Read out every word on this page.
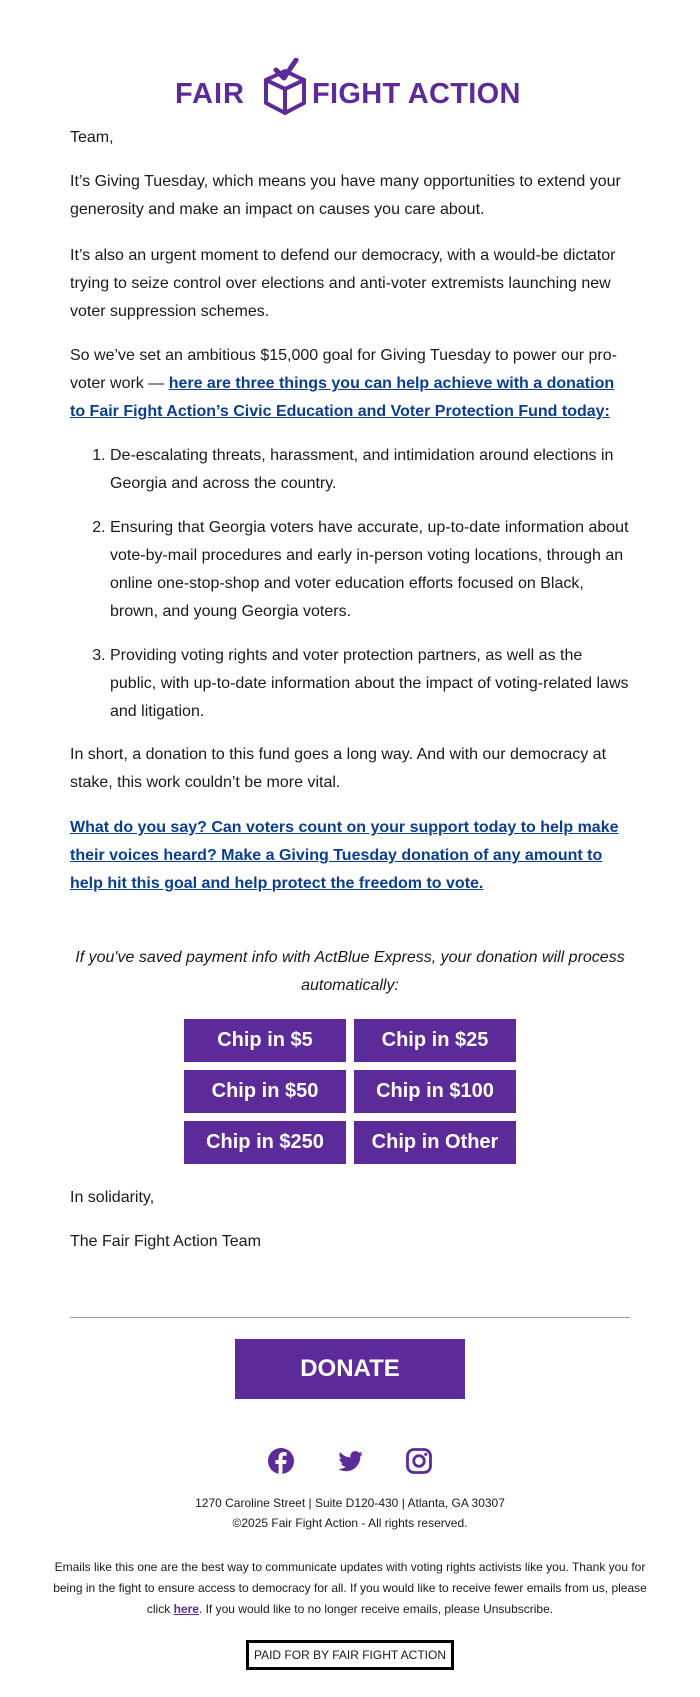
FAIR FIGHT ACTION

Team,

It’s Giving Tuesday, which means you have many opportunities to extend your generosity and make an impact on causes you care about.

It’s also an urgent moment to defend our democracy, with a would-be dictator trying to seize control over elections and anti-voter extremists launching new voter suppression schemes.

So we’ve set an ambitious $15,000 goal for Giving Tuesday to power our pro-voter work — here are three things you can help achieve with a donation to Fair Fight Action’s Civic Education and Voter Protection Fund today:

1. De-escalating threats, harassment, and intimidation around elections in Georgia and across the country.
2. Ensuring that Georgia voters have accurate, up-to-date information about vote-by-mail procedures and early in-person voting locations, through an online one-stop-shop and voter education efforts focused on Black, brown, and young Georgia voters.
3. Providing voting rights and voter protection partners, as well as the public, with up-to-date information about the impact of voting-related laws and litigation.

In short, a donation to this fund goes a long way. And with our democracy at stake, this work couldn’t be more vital.

What do you say? Can voters count on your support today to help make their voices heard? Make a Giving Tuesday donation of any amount to help hit this goal and help protect the freedom to vote.

If you've saved payment info with ActBlue Express, your donation will process automatically:

Chip in $5	Chip in $25
Chip in $50	Chip in $100
Chip in $250	Chip in Other

In solidarity,

The Fair Fight Action Team

DONATE
1270 Caroline Street | Suite D120-430 | Atlanta, GA 30307
©2025 Fair Fight Action - All rights reserved.
Emails like this one are the best way to communicate updates with voting rights activists like you. Thank you for being in the fight to ensure access to democracy for all. If you would like to receive fewer emails from us, please click here. If you would like to no longer receive emails, please Unsubscribe.
PAID FOR BY FAIR FIGHT ACTION
